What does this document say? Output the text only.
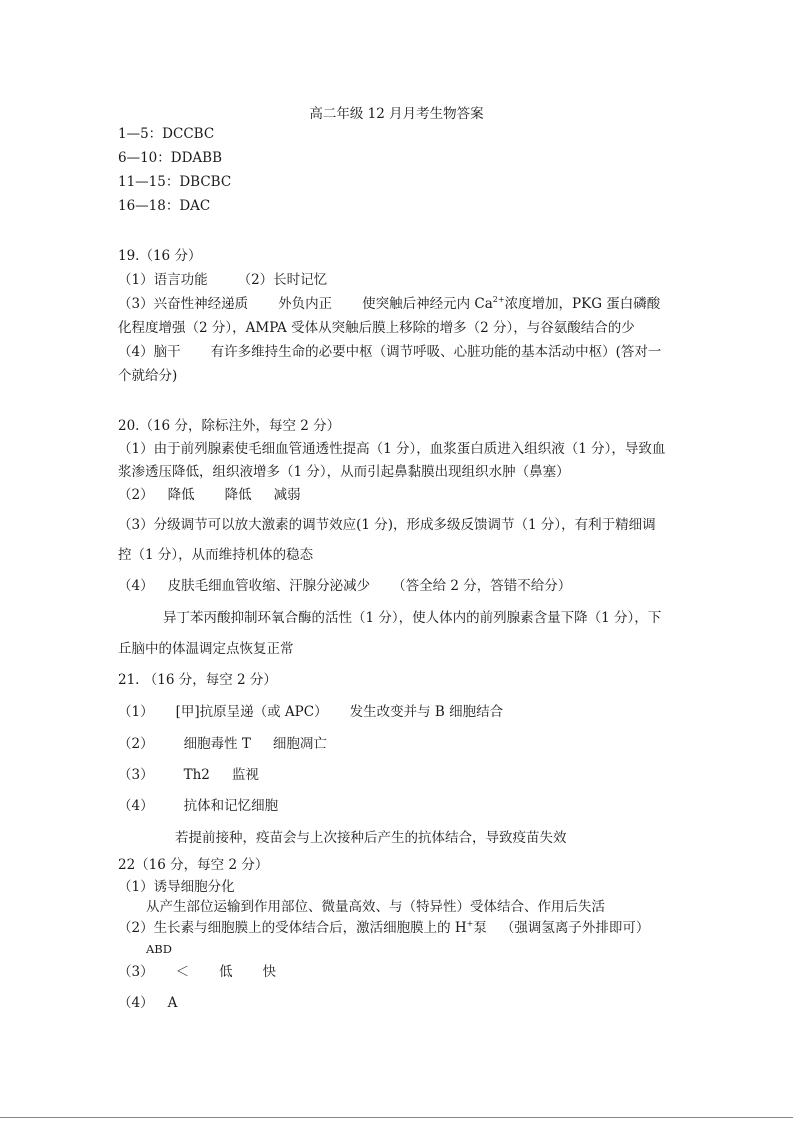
高二年级 12 月月考生物答案
1—5：DCCBC
6—10：DDABB
11—15：DBCBC
16—18：DAC
19.（16 分）
（1）语言功能 （2）长时记忆
（3）兴奋性神经递质 外负内正 使突触后神经元内 $Ca^{2+}$浓度增加，PKG 蛋白磷酸
化程度增强（2 分），AMPA 受体从突触后膜上移除的增多（2 分），与谷氨酸结合的少
（4）脑干 有许多维持生命的必要中枢（调节呼吸、心脏功能的基本活动中枢）(答对一
个就给分)
20.（16 分，除标注外，每空 2 分）
（1）由于前列腺素使毛细血管通透性提高（1 分），血浆蛋白质进入组织液（1 分），导致血
浆渗透压降低，组织液增多（1 分），从而引起鼻黏膜出现组织水肿（鼻塞）
（2） 降低 降低 减弱
（3）分级调节可以放大激素的调节效应(1 分)，形成多级反馈调节（1 分），有利于精细调
控（1 分），从而维持机体的稳态
（4） 皮肤毛细血管收缩、汗腺分泌减少 （答全给 2 分，答错不给分）
异丁苯丙酸抑制环氧合酶的活性（1 分），使人体内的前列腺素含量下降（1 分），下
丘脑中的体温调定点恢复正常
21. （16 分，每空 2 分）
（1） [甲]抗原呈递（或 APC） 发生改变并与 B 细胞结合
（2） 细胞毒性 T 细胞凋亡
（3） Th2 监视
（4） 抗体和记忆细胞
若提前接种，疫苗会与上次接种后产生的抗体结合，导致疫苗失效
22（16 分，每空 2 分）
（1）诱导细胞分化
从产生部位运输到作用部位、微量高效、与（特异性）受体结合、作用后失活
（2）生长素与细胞膜上的受体结合后，激活细胞膜上的 H+泵 （强调氢离子外排即可）
ABD
（3） ＜ 低 快
（4） A
